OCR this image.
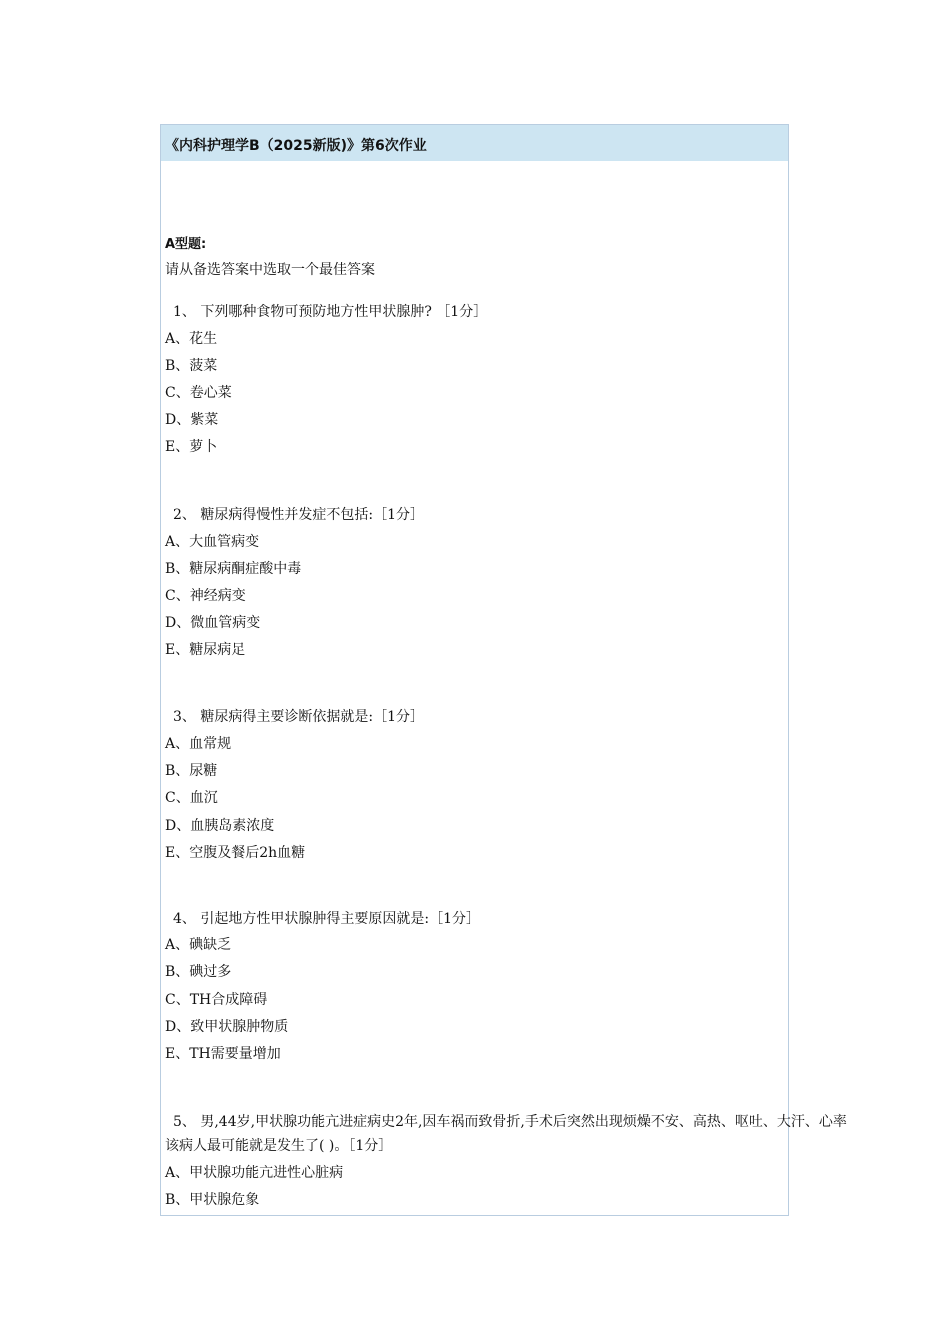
《内科护理学B（2025新版)》第6次作业
A型题:
请从备选答案中选取一个最佳答案
1、 下列哪种食物可预防地方性甲状腺肿? ［1分］
A、花生
B、菠菜
C、卷心菜
D、紫菜
E、萝卜
2、 糖尿病得慢性并发症不包括:［1分］
A、大血管病变
B、糖尿病酮症酸中毒
C、神经病变
D、微血管病变
E、糖尿病足
3、 糖尿病得主要诊断依据就是:［1分］
A、血常规
B、尿糖
C、血沉
D、血胰岛素浓度
E、空腹及餐后2h血糖
4、 引起地方性甲状腺肿得主要原因就是:［1分］
A、碘缺乏
B、碘过多
C、TH合成障碍
D、致甲状腺肿物质
E、TH需要量增加
5、 男,44岁,甲状腺功能亢进症病史2年,因车祸而致骨折,手术后突然出现烦燥不安、高热、呕吐、大汗、心率
该病人最可能就是发生了( )。［1分］
A、甲状腺功能亢进性心脏病
B、甲状腺危象
